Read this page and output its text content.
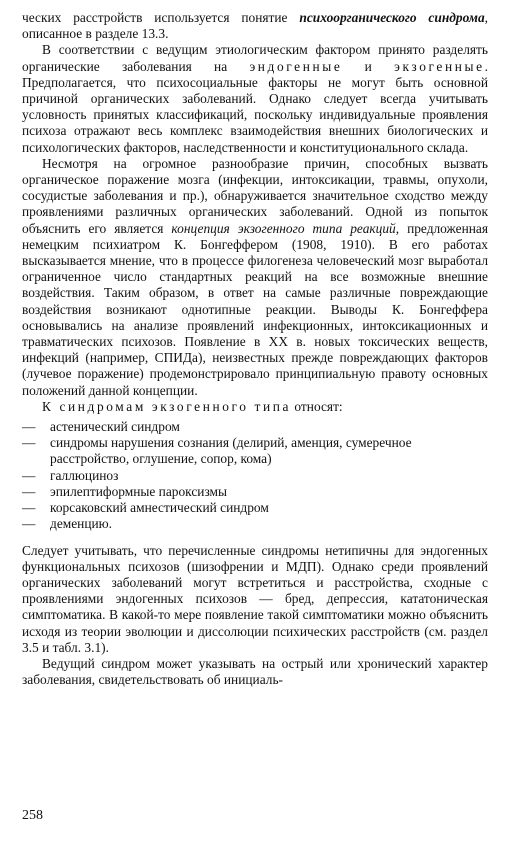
ческих расстройств используется понятие психоорганического синдрома, описанное в разделе 13.3.

В соответствии с ведущим этиологическим фактором принято разделять органические заболевания на эндогенные и экзогенные. Предполагается, что психосоциальные факторы не могут быть основной причиной органических заболеваний. Однако следует всегда учитывать условность принятых классификаций, поскольку индивидуальные проявления психоза отражают весь комплекс взаимодействия внешних биологических и психологических факторов, наследственности и конституционального склада.

Несмотря на огромное разнообразие причин, способных вызвать органическое поражение мозга (инфекции, интоксикации, травмы, опухоли, сосудистые заболевания и пр.), обнаруживается значительное сходство между проявлениями различных органических заболеваний. Одной из попыток объяснить его является концепция экзогенного типа реакций, предложенная немецким психиатром К. Бонгеффером (1908, 1910). В его работах высказывается мнение, что в процессе филогенеза человеческий мозг выработал ограниченное число стандартных реакций на все возможные внешние воздействия. Таким образом, в ответ на самые различные повреждающие воздействия возникают однотипные реакции. Выводы К. Бонгеффера основывались на анализе проявлений инфекционных, интоксикационных и травматических психозов. Появление в XX в. новых токсических веществ, инфекций (например, СПИДа), неизвестных прежде повреждающих факторов (лучевое поражение) продемонстрировало принципиальную правоту основных положений данной концепции.

К синдромам экзогенного типа относят:

— астенический синдром
— синдромы нарушения сознания (делирий, аменция, сумеречное расстройство, оглушение, сопор, кома)
— галлюциноз
— эпилептиформные пароксизмы
— корсаковский амнестический синдром
— деменцию.

Следует учитывать, что перечисленные синдромы нетипичны для эндогенных функциональных психозов (шизофрении и МДП). Однако среди проявлений органических заболеваний могут встретиться и расстройства, сходные с проявлениями эндогенных психозов — бред, депрессия, кататоническая симптоматика. В какой-то мере появление такой симптоматики можно объяснить исходя из теории эволюции и диссолюции психических расстройств (см. раздел 3.5 и табл. 3.1).

Ведущий синдром может указывать на острый или хронический характер заболевания, свидетельствовать об инициаль-

258
